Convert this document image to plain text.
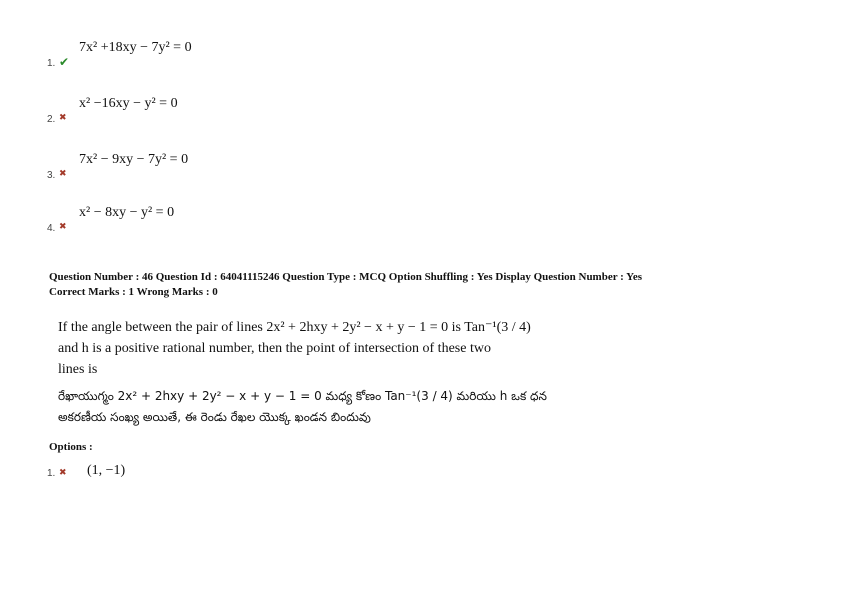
1. ✔
7x² +18xy − 7y² = 0
2. ✖
x² −16xy − y² = 0
3. ✖
7x² − 9xy − 7y² = 0
4. ✖
x² − 8xy − y² = 0
Question Number : 46 Question Id : 64041115246 Question Type : MCQ Option Shuffling : Yes Display Question Number : Yes
Correct Marks : 1 Wrong Marks : 0
If the angle between the pair of lines 2x² + 2hxy + 2y² − x + y − 1 = 0 is Tan⁻¹(3 / 4)
and h is a positive rational number, then the point of intersection of these two
lines is
రేఖాయుగ్మం 2x² + 2hxy + 2y² − x + y − 1 = 0 మధ్య కోణం Tan⁻¹(3 / 4) మరియు h ఒక ధన
అకరణీయ సంఖ్య అయితే, ఈ రెండు రేఖల యొక్క ఖండన బిందువు
Options :
1. ✖	(1, −1)
